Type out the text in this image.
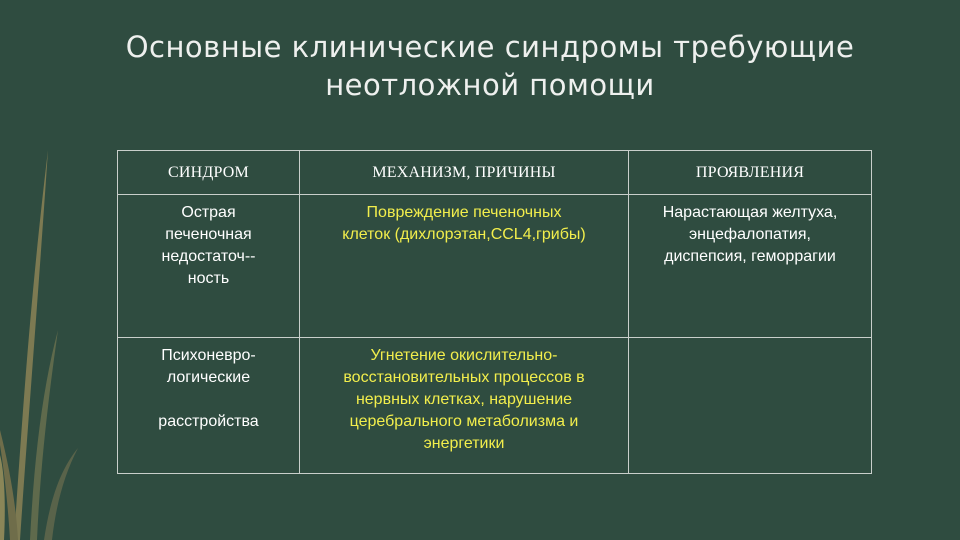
Основные клинические синдромы требующие
неотложной помощи
СИНДРОМ	МЕХАНИЗМ, ПРИЧИНЫ	ПРОЯВЛЕНИЯ
Острая
печеночная
недостаточ--
ность	Повреждение печеночных
клеток (дихлорэтан,CCL4,грибы)	Нарастающая желтуха,
энцефалопатия,
диспепсия, геморрагии
Психоневро-
логические

расстройства	Угнетение окислительно-
восстановительных процессов в
нервных клетках, нарушение
церебрального метаболизма и
энергетики	
